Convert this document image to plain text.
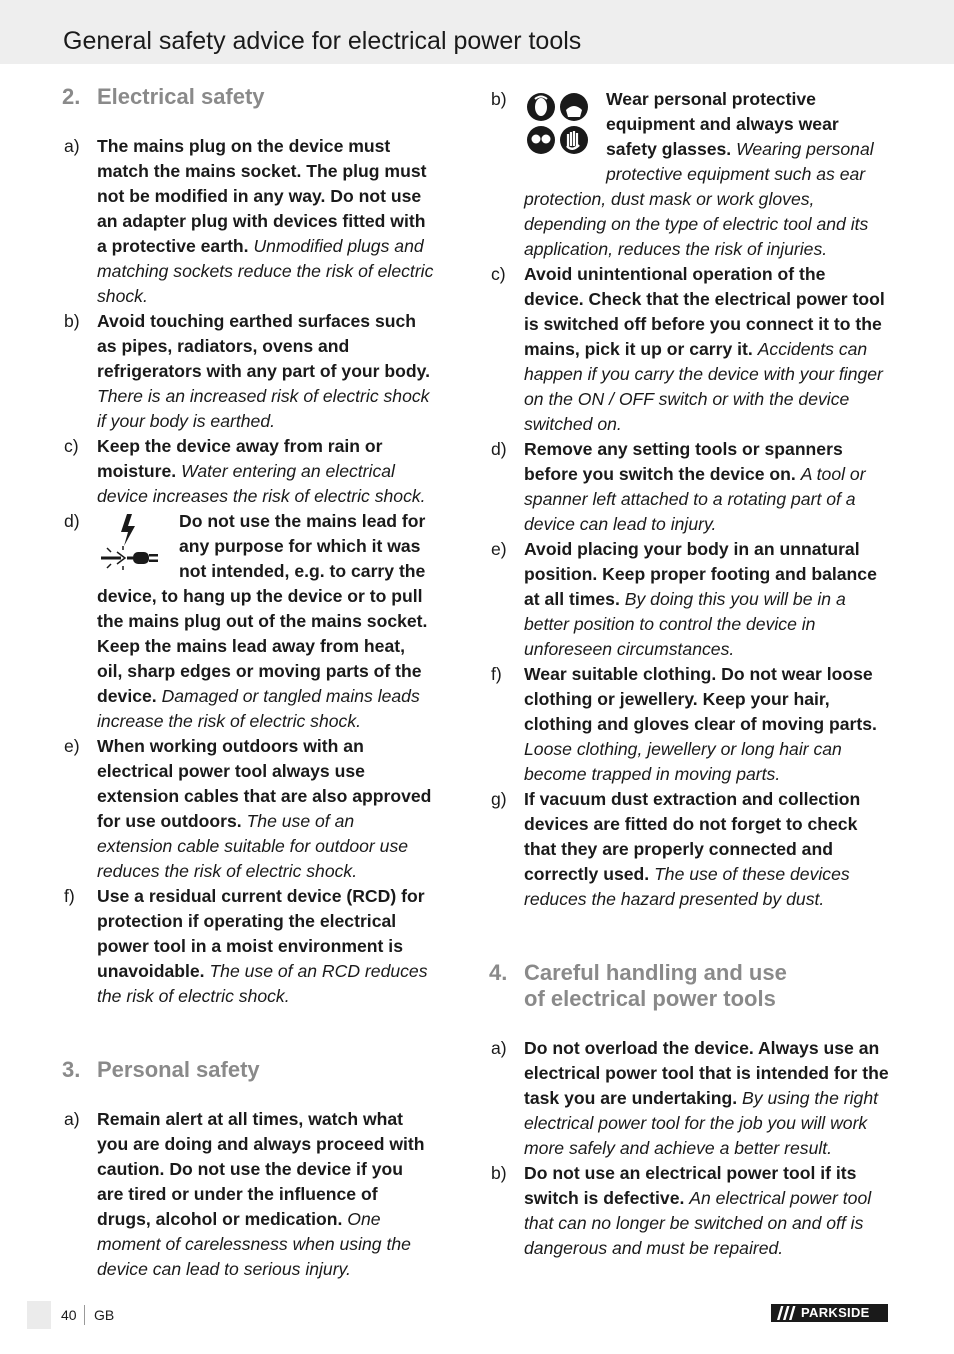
General safety advice for electrical power tools
2. Electrical safety
a) The mains plug on the device must match the mains socket. The plug must not be modified in any way. Do not use an adapter plug with devices fitted with a protective earth. Unmodified plugs and matching sockets reduce the risk of electric shock.
b) Avoid touching earthed surfaces such as pipes, radiators, ovens and refrigerators with any part of your body. There is an increased risk of electric shock if your body is earthed.
c) Keep the device away from rain or moisture. Water entering an electrical device increases the risk of electric shock.
d)	Do not use the mains lead for any purpose for which it was not intended, e.g. to carry the device, to hang up the device or to pull the mains plug out of the mains socket. Keep the mains lead away from heat, oil, sharp edges or moving parts of the device. Damaged or tangled mains leads increase the risk of electric shock.
e) When working outdoors with an electrical power tool always use extension cables that are also approved for use outdoors. The use of an extension cable suitable for outdoor use reduces the risk of electric shock.
f) Use a residual current device (RCD) for protection if operating the electrical power tool in a moist environment is unavoidable. The use of an RCD reduces the risk of electric shock.
3. Personal safety
a) Remain alert at all times, watch what you are doing and always proceed with caution. Do not use the device if you are tired or under the influence of drugs, alcohol or medication. One moment of carelessness when using the device can lead to serious injury.
b)	Wear personal protective equipment and always wear safety glasses. Wearing personal protective equipment such as ear protection, dust mask or work gloves, depending on the type of electric tool and its application, reduces the risk of injuries.
c) Avoid unintentional operation of the device. Check that the electrical power tool is switched off before you connect it to the mains, pick it up or carry it. Accidents can happen if you carry the device with your finger on the ON / OFF switch or with the device switched on.
d) Remove any setting tools or spanners before you switch the device on. A tool or spanner left attached to a rotating part of a device can lead to injury.
e) Avoid placing your body in an unnatural position. Keep proper footing and balance at all times. By doing this you will be in a better position to control the device in unforeseen circumstances.
f) Wear suitable clothing. Do not wear loose clothing or jewellery. Keep your hair, clothing and gloves clear of moving parts. Loose clothing, jewellery or long hair can become trapped in moving parts.
g) If vacuum dust extraction and collection devices are fitted do not forget to check that they are properly connected and correctly used. The use of these devices reduces the hazard presented by dust.
4. Careful handling and use
of electrical power tools
a) Do not overload the device. Always use an electrical power tool that is intended for the task you are undertaking. By using the right electrical power tool for the job you will work more safely and achieve a better result.
b) Do not use an electrical power tool if its switch is defective. An electrical power tool that can no longer be switched on and off is dangerous and must be repaired.
40 GB	PARKSIDE
